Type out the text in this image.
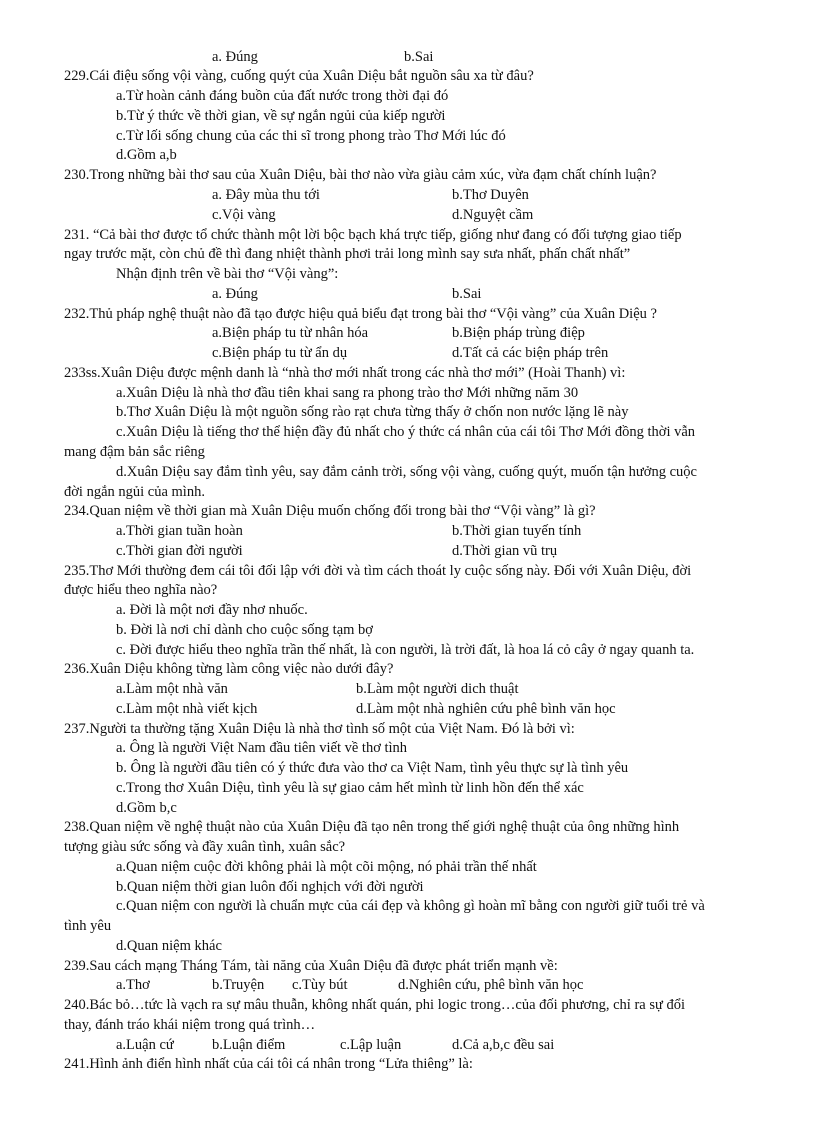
a. Đúng	b.Sai
229.Cái điệu sống vội vàng, cuống quýt của Xuân Diệu bắt nguồn sâu xa từ đâu?
a.Từ hoàn cảnh đáng buồn của đất nước trong thời đại đó
b.Từ ý thức về thời gian, về sự ngắn ngủi của kiếp người
c.Từ lối sống chung của các thi sĩ trong phong trào Thơ Mới lúc đó
d.Gồm a,b
230.Trong những bài thơ sau của Xuân Diệu, bài thơ nào vừa giàu cảm xúc, vừa đạm chất chính luận?
a. Đây mùa thu tới	b.Thơ Duyên
c.Vội vàng	d.Nguyệt cầm
231. “Cả bài thơ được tổ chức thành một lời bộc bạch khá trực tiếp, giống như đang có đối tượng giao tiếp
ngay trước mặt, còn chủ đề thì đang nhiệt thành phơi trải long mình say sưa nhất, phấn chất nhất”
Nhận định trên về bài thơ “Vội vàng”:
a. Đúng	b.Sai
232.Thủ pháp nghệ thuật nào đã tạo được hiệu quả biểu đạt trong bài thơ “Vội vàng” của Xuân Diệu ?
a.Biện pháp tu từ nhân hóa	b.Biện pháp trùng điệp
c.Biện pháp tu từ ẩn dụ	d.Tất cả các biện pháp trên
233ss.Xuân Diệu được mệnh danh là “nhà thơ mới nhất trong các nhà thơ mới” (Hoài Thanh) vì:
a.Xuân Diệu là nhà thơ đầu tiên khai sang ra phong trào thơ Mới những năm 30
b.Thơ Xuân Diệu là một nguồn sống rào rạt chưa từng thấy ở chốn non nước lặng lẽ này
c.Xuân Diệu là tiếng thơ thể hiện đầy đủ nhất cho ý thức cá nhân của cái tôi Thơ Mới đồng thời vẫn
mang đậm bản sắc riêng
d.Xuân Diệu say đắm tình yêu, say đắm cảnh trời, sống vội vàng, cuống quýt, muốn tận hưởng cuộc
đời ngắn ngủi của mình.
234.Quan niệm về thời gian mà Xuân Diệu muốn chống đối trong bài thơ “Vội vàng” là gì?
a.Thời gian tuần hoàn	b.Thời gian tuyến tính
c.Thời gian đời người	d.Thời gian vũ trụ
235.Thơ Mới thường đem cái tôi đối lập với đời và tìm cách thoát ly cuộc sống này. Đối với Xuân Diệu, đời
được hiểu theo nghĩa nào?
a. Đời là một nơi đầy nhơ nhuốc.
b. Đời là nơi chỉ dành cho cuộc sống tạm bợ
c. Đời được hiểu theo nghĩa trần thế nhất, là con người, là trời đất, là hoa lá cỏ cây ở ngay quanh ta.
236.Xuân Diệu không từng làm công việc nào dưới đây?
a.Làm một nhà văn	b.Làm một người dich thuật
c.Làm một nhà viết kịch	d.Làm một nhà nghiên cứu phê bình văn học
237.Người ta thường tặng Xuân Diệu là nhà thơ tình số một của Việt Nam. Đó là bởi vì:
a. Ông là người Việt Nam đầu tiên viết về thơ tình
b. Ông là người đầu tiên có ý thức đưa vào thơ ca Việt Nam, tình yêu thực sự là tình yêu
c.Trong thơ Xuân Diệu, tình yêu là sự giao cảm hết mình từ linh hồn đến thể xác
d.Gồm b,c
238.Quan niệm về nghệ thuật nào của Xuân Diệu đã tạo nên trong thế giới nghệ thuật của ông những hình
tượng giàu sức sống và đầy xuân tình, xuân sắc?
a.Quan niệm cuộc đời không phải là một cõi mộng, nó phải trần thế nhất
b.Quan niệm thời gian luôn đối nghịch với đời người
c.Quan niệm con người là chuẩn mực của cái đẹp và không gì hoàn mĩ bằng con người giữ tuổi trẻ và
tình yêu
d.Quan niệm khác
239.Sau cách mạng Tháng Tám, tài năng của Xuân Diệu đã được phát triển mạnh về:
a.Thơ	b.Truyện c.Tùy bút	d.Nghiên cứu, phê bình văn học
240.Bác bỏ…tức là vạch ra sự mâu thuẫn, không nhất quán, phi logic trong…của đối phương, chỉ ra sự đổi
thay, đánh tráo khái niệm trong quá trình…
a.Luận cứ	b.Luận điểm	c.Lập luận	d.Cả a,b,c đều sai
241.Hình ảnh điển hình nhất của cái tôi cá nhân trong “Lửa thiêng” là:
